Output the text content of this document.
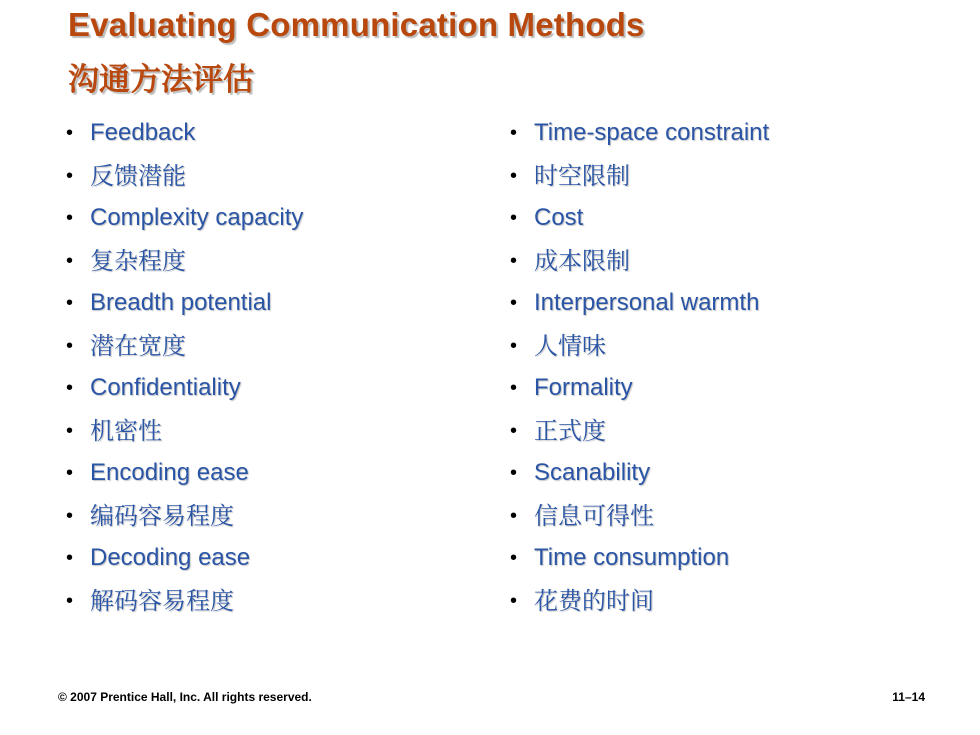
Evaluating Communication Methods
沟通方法评估
• Feedback
• 反馈潜能
• Complexity capacity
• 复杂程度
• Breadth potential
• 潜在宽度
• Confidentiality
• 机密性
• Encoding ease
• 编码容易程度
• Decoding ease
• 解码容易程度
• Time-space constraint
• 时空限制
• Cost
• 成本限制
• Interpersonal warmth
• 人情味
• Formality
• 正式度
• Scanability
• 信息可得性
• Time consumption
• 花费的时间
© 2007 Prentice Hall, Inc. All rights reserved.	11–14
